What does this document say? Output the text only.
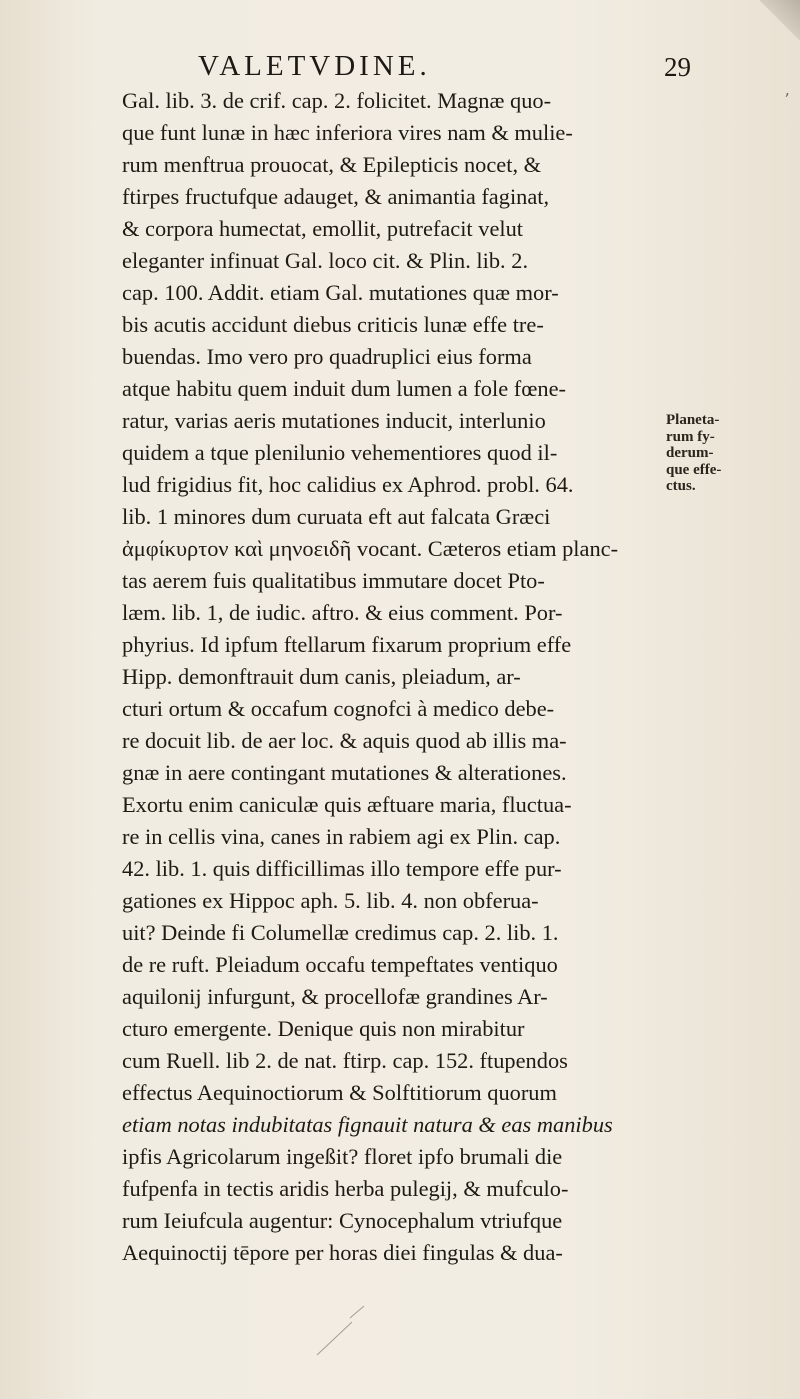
ʼ
VALETVDINE.	29
Gal. lib. 3. de crif. cap. 2. folicitet. Magnæ quo-
que funt lunæ in hæc inferiora vires nam & mulie-
rum menftrua prouocat, & Epilepticis nocet, &
ftirpes fructufque adauget, & animantia faginat,
& corpora humectat, emollit, putrefacit velut
eleganter infinuat Gal. loco cit. & Plin. lib. 2.
cap. 100. Addit. etiam Gal. mutationes quæ mor-
bis acutis accidunt diebus criticis lunæ effe tre-
buendas. Imo vero pro quadruplici eius forma
atque habitu quem induit dum lumen a fole fœne-
ratur, varias aeris mutationes inducit, interlunio
quidem a tque plenilunio vehementiores quod il-
lud frigidius fit, hoc calidius ex Aphrod. probl. 64.
lib. 1 minores dum curuata eft aut falcata Græci
ἀμφίκυρτον καὶ μηνοειδῆ vocant. Cæteros etiam planc-
tas aerem fuis qualitatibus immutare docet Pto-
læm. lib. 1, de iudic. aftro. & eius comment. Por-
phyrius. Id ipfum ftellarum fixarum proprium effe
Hipp. demonftrauit dum canis, pleiadum, ar-
cturi ortum & occafum cognofci à medico debe-
re docuit lib. de aer loc. & aquis quod ab illis ma-
gnæ in aere contingant mutationes & alterationes.
Exortu enim caniculæ quis æftuare maria, fluctua-
re in cellis vina, canes in rabiem agi ex Plin. cap.
42. lib. 1. quis difficillimas illo tempore effe pur-
gationes ex Hippoc aph. 5. lib. 4. non obferua-
uit? Deinde fi Columellæ credimus cap. 2. lib. 1.
de re ruft. Pleiadum occafu tempeftates ventiquo
aquilonij infurgunt, & procellofæ grandines Ar-
cturo emergente. Denique quis non mirabitur
cum Ruell. lib 2. de nat. ftirp. cap. 152. ftupendos
effectus Aequinoctiorum & Solftitiorum quorum
etiam notas indubitatas fignauit natura & eas manibus
ipfis Agricolarum ingeßit? floret ipfo brumali die
fufpenfa in tectis aridis herba pulegij, & mufculo-
rum Ieiufcula augentur: Cynocephalum vtriufque
Aequinoctij tēpore per horas diei fingulas & dua-
Planeta-
rum fy-
derum-
que effe-
ctus.
